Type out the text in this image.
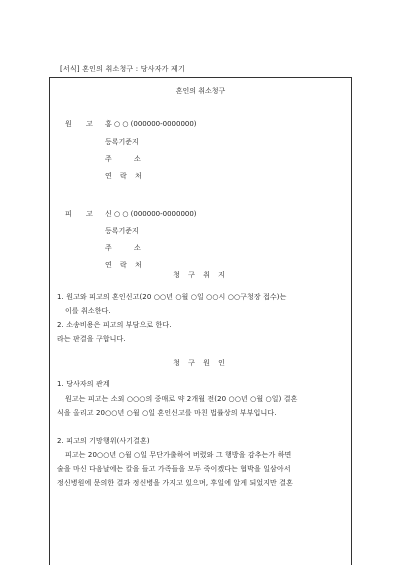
[서식] 혼인의 취소청구 : 당사자가 제기
혼인의 취소청구
원 고 홍 ○ ○ (000000-0000000)
등록기준지
주 소
연 락 처
피 고 신 ○ ○ (000000-0000000)
등록기준지
주 소
연 락 처
청 구 취 지
1. 원고와 피고의 혼인신고(20 ○○년 ○월 ○일 ○○시 ○○구청장 접수)는
이를 취소한다.
2. 소송비용은 피고의 부담으로 한다.
라는 판결을 구합니다.
청 구 원 인
1. 당사자의 관계
원고는 피고는 소외 ○○○의 중매로 약 2개월 전(20 ○○년 ○월 ○일) 결혼
식을 올리고 20○○년 ○월 ○일 혼인신고를 마친 법률상의 부부입니다.
2. 피고의 기망행위(사기결혼)
피고는 20○○년 ○월 ○일 무단가출하여 버렸와 그 행방을 감추는가 하면
술을 마신 다음날에는 칼을 들고 가족들을 모두 죽이겠다는 협박을 일삼아서
정신병원에 문의한 결과 정신병을 가지고 있으며, 후일에 알게 되었지만 결혼
